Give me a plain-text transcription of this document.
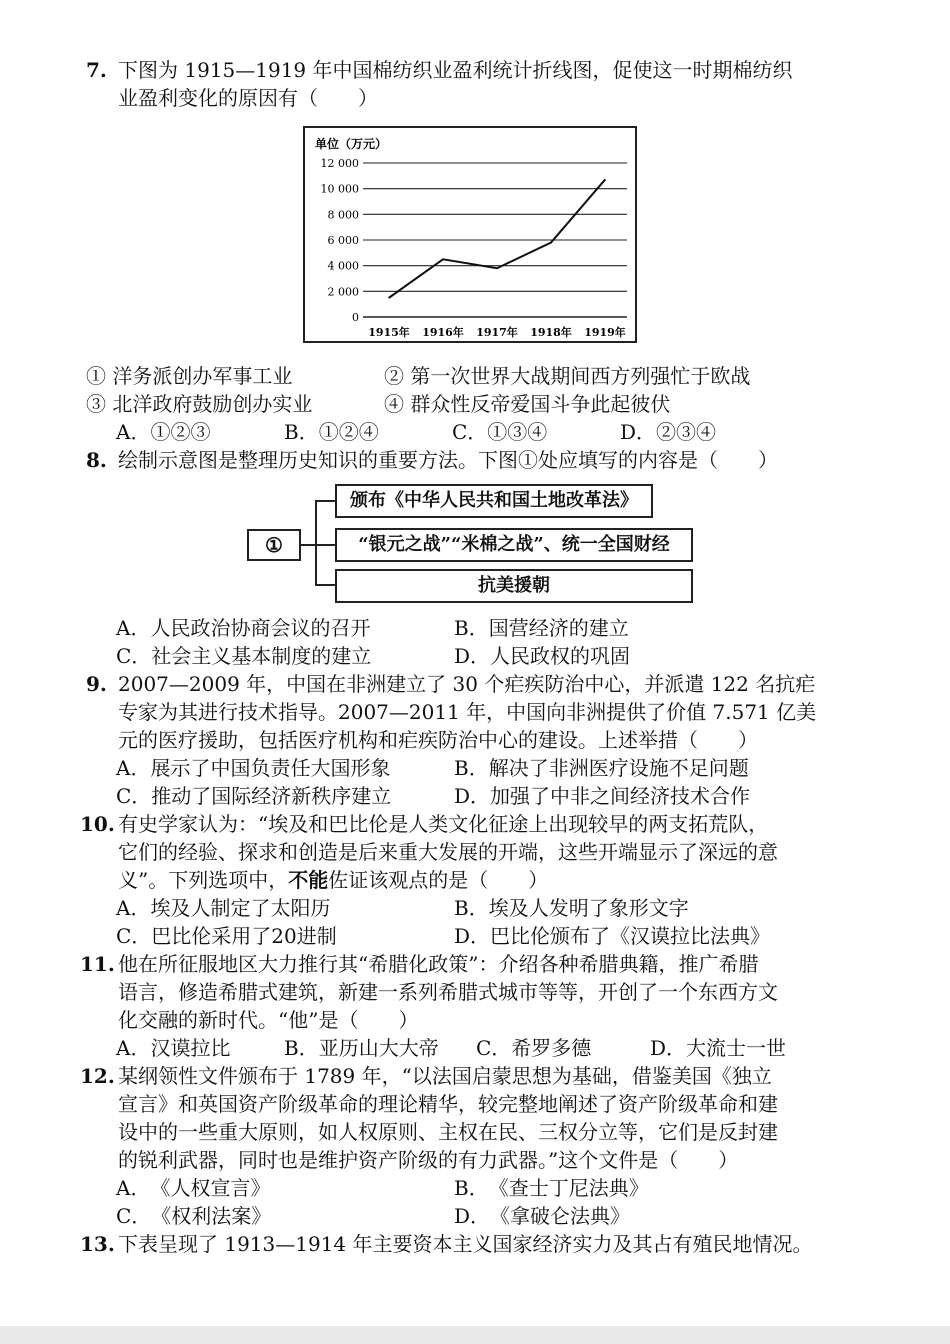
7. 下图为 1915—1919 年中国棉纺织业盈利统计折线图，促使这一时期棉纺织
业盈利变化的原因有（　　）
单位（万元）
12 000
10 000
8 000
6 000
4 000
2 000
0
1915年 1916年 1917年 1918年 1919年
① 洋务派创办军事工业	② 第一次世界大战期间西方列强忙于欧战
③ 北洋政府鼓励创办实业	④ 群众性反帝爱国斗争此起彼伏
A．①②③	B．①②④	C．①③④	D．②③④
8. 绘制示意图是整理历史知识的重要方法。下图①处应填写的内容是（　　）
①
颁布《中华人民共和国土地改革法》
“银元之战”“米棉之战”、统一全国财经
抗美援朝
A．人民政治协商会议的召开	B．国营经济的建立
C．社会主义基本制度的建立	D．人民政权的巩固
9. 2007—2009 年，中国在非洲建立了 30 个疟疾防治中心，并派遣 122 名抗疟
专家为其进行技术指导。2007—2011 年，中国向非洲提供了价值 7.571 亿美
元的医疗援助，包括医疗机构和疟疾防治中心的建设。上述举措（　　）
A．展示了中国负责任大国形象	B．解决了非洲医疗设施不足问题
C．推动了国际经济新秩序建立	D．加强了中非之间经济技术合作
10. 有史学家认为：“埃及和巴比伦是人类文化征途上出现较早的两支拓荒队，
它们的经验、探求和创造是后来重大发展的开端，这些开端显示了深远的意
义”。下列选项中，不能佐证该观点的是（　　）
A．埃及人制定了太阳历	B．埃及人发明了象形文字
C．巴比伦采用了20进制	D．巴比伦颁布了《汉谟拉比法典》
11. 他在所征服地区大力推行其“希腊化政策”：介绍各种希腊典籍，推广希腊
语言，修造希腊式建筑，新建一系列希腊式城市等等，开创了一个东西方文
化交融的新时代。“他”是（　　）
A．汉谟拉比	B．亚历山大大帝 C．希罗多德	D．大流士一世
12. 某纲领性文件颁布于 1789 年，“以法国启蒙思想为基础，借鉴美国《独立
宣言》和英国资产阶级革命的理论精华，较完整地阐述了资产阶级革命和建
设中的一些重大原则，如人权原则、主权在民、三权分立等，它们是反封建
的锐利武器，同时也是维护资产阶级的有力武器。”这个文件是（　　）
A．　《人权宣言》	B．　《查士丁尼法典》
C．　《权利法案》	D．　《拿破仑法典》
13. 下表呈现了 1913—1914 年主要资本主义国家经济实力及其占有殖民地情况。
